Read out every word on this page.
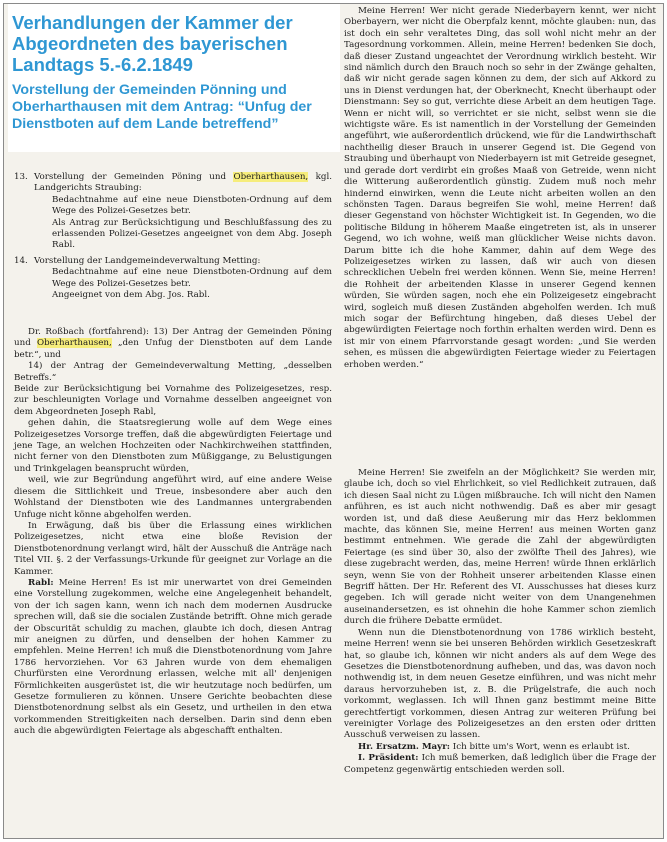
Verhandlungen der Kammer der Abgeordneten des bayerischen Landtags 5.-6.2.1849
Vorstellung der Gemeinden Pönning und Oberharthausen mit dem Antrag: “Unfug der Dienstboten auf dem Lande betreffend”
13. Vorstellung der Gemeinden Pöning und Oberharthausen, kgl. Landgerichts Straubing:

Bedachtnahme auf eine neue Dienstboten-Ordnung auf dem Wege des Polizei-Gesetzes betr.

Als Antrag zur Berücksichtigung und Beschlußfassung des zu erlassenden Polizei-Gesetzes angeeignet von dem Abg. Joseph Rabl.

14. Vorstellung der Landgemeindeverwaltung Metting:

Bedachtnahme auf eine neue Dienstboten-Ordnung auf dem Wege des Polizei-Gesetzes betr.

Angeeignet von dem Abg. Jos. Rabl.

Dr. Roßbach (fortfahrend): 13) Der Antrag der Gemeinden Pöning und Oberharthausen, „den Unfug der Dienstboten auf dem Lande betr.“, und

14) der Antrag der Gemeindeverwaltung Metting, „desselben Betreffs.“

Beide zur Berücksichtigung bei Vornahme des Polizeigesetzes, resp. zur beschleunigten Vorlage und Vornahme desselben angeeignet von dem Abgeordneten Joseph Rabl,

gehen dahin, die Staatsregierung wolle auf dem Wege eines Polizeigesetzes Vorsorge treffen, daß die abgewürdigten Feiertage und jene Tage, an welchen Hochzeiten oder Nachkirchweihen stattfinden, nicht ferner von den Dienstboten zum Müßiggange, zu Belustigungen und Trinkgelagen beansprucht würden,

weil, wie zur Begründung angeführt wird, auf eine andere Weise diesem die Sittlichkeit und Treue, insbesondere aber auch den Wohlstand der Dienstboten wie des Landmannes untergrabenden Unfuge nicht könne abgeholfen werden.

In Erwägung, daß bis über die Erlassung eines wirklichen Polizeigesetzes, nicht etwa eine bloße Revision der Dienstbotenordnung verlangt wird, hält der Ausschuß die Anträge nach Titel VII. §. 2 der Verfassungs-Urkunde für geeignet zur Vorlage an die Kammer.

Rabl: Meine Herren! Es ist mir unerwartet von drei Gemeinden eine Vorstellung zugekommen, welche eine Angelegenheit behandelt, von der ich sagen kann, wenn ich nach dem modernen Ausdrucke sprechen will, daß sie die socialen Zustände betrifft. Ohne mich gerade der Obscurität schuldig zu machen, glaubte ich doch, diesen Antrag mir aneignen zu dürfen, und denselben der hohen Kammer zu empfehlen. Meine Herren! ich muß die Dienstbotenordnung vom Jahre 1786 hervorziehen. Vor 63 Jahren wurde von dem ehemaligen Churfürsten eine Verordnung erlassen, welche mit all' denjenigen Förmlichkeiten ausgerüstet ist, die wir heutzutage noch bedürfen, um Gesetze formulieren zu können. Unsere Gerichte beobachten diese Dienstbotenordnung selbst als ein Gesetz, und urtheilen in den etwa vorkommenden Streitigkeiten nach derselben. Darin sind denn eben auch die abgewürdigten Feiertage als abgeschafft enthalten.

Meine Herren! Wer nicht gerade Niederbayern kennt, wer nicht Oberbayern, wer nicht die Oberpfalz kennt, möchte glauben: nun, das ist doch ein sehr veraltetes Ding, das soll wohl nicht mehr an der Tagesordnung vorkommen. Allein, meine Herren! bedenken Sie doch, daß dieser Zustand ungeachtet der Verordnung wirklich besteht. Wir sind nämlich durch den Brauch noch so sehr in der Zwänge gehalten, daß wir nicht gerade sagen können zu dem, der sich auf Akkord zu uns in Dienst verdungen hat, der Oberknecht, Knecht überhaupt oder Dienstmann: Sey so gut, verrichte diese Arbeit an dem heutigen Tage. Wenn er nicht will, so verrichtet er sie nicht, selbst wenn sie die wichtigste wäre. Es ist namentlich in der Vorstellung der Gemeinden angeführt, wie außerordentlich drückend, wie für die Landwirthschaft nachtheilig dieser Brauch in unserer Gegend ist. Die Gegend von Straubing und überhaupt von Niederbayern ist mit Getreide gesegnet, und gerade dort verdirbt ein großes Maaß von Getreide, wenn nicht die Witterung außerordentlich günstig. Zudem muß noch mehr hindernd einwirken, wenn die Leute nicht arbeiten wollen an den schönsten Tagen. Daraus begreifen Sie wohl, meine Herren! daß dieser Gegenstand von höchster Wichtigkeit ist. In Gegenden, wo die politische Bildung in höherem Maaße eingetreten ist, als in unserer Gegend, wo ich wohne, weiß man glücklicher Weise nichts davon. Darum bitte ich die hohe Kammer, dahin auf dem Wege des Polizeigesetzes wirken zu lassen, daß wir auch von diesen schrecklichen Uebeln frei werden können. Wenn Sie, meine Herren! die Rohheit der arbeitenden Klasse in unserer Gegend kennen würden, Sie würden sagen, noch ehe ein Polizeigesetz eingebracht wird, sogleich muß diesen Zuständen abgeholfen werden. Ich muß mich sogar der Befürchtung hingeben, daß dieses Uebel der abgewürdigten Feiertage noch forthin erhalten werden wird. Denn es ist mir von einem Pfarrvorstande gesagt worden: „und Sie werden sehen, es müssen die abgewürdigten Feiertage wieder zu Feiertagen erhoben werden.“

Meine Herren! Sie zweifeln an der Möglichkeit? Sie werden mir, glaube ich, doch so viel Ehrlichkeit, so viel Redlichkeit zutrauen, daß ich diesen Saal nicht zu Lügen mißbrauche. Ich will nicht den Namen anführen, es ist auch nicht nothwendig. Daß es aber mir gesagt worden ist, und daß diese Aeußerung mir das Herz beklommen machte, das können Sie, meine Herren! aus meinen Worten ganz bestimmt entnehmen. Wie gerade die Zahl der abgewürdigten Feiertage (es sind über 30, also der zwölfte Theil des Jahres), wie diese zugebracht werden, das, meine Herren! würde Ihnen erklärlich seyn, wenn Sie von der Rohheit unserer arbeitenden Klasse einen Begriff hätten. Der Hr. Referent des VI. Ausschusses hat dieses kurz gegeben. Ich will gerade nicht weiter von dem Unangenehmen auseinandersetzen, es ist ohnehin die hohe Kammer schon ziemlich durch die frühere Debatte ermüdet.

Wenn nun die Dienstbotenordnung von 1786 wirklich besteht, meine Herren! wenn sie bei unseren Behörden wirklich Gesetzeskraft hat, so glaube ich, können wir nicht anders als auf dem Wege des Gesetzes die Dienstbotenordnung aufheben, und das, was davon noch nothwendig ist, in dem neuen Gesetze einführen, und was nicht mehr daraus hervorzuheben ist, z. B. die Prügelstrafe, die auch noch vorkommt, weglassen. Ich will Ihnen ganz bestimmt meine Bitte gerechtfertigt vorkommen, diesen Antrag zur weiteren Prüfung bei vereinigter Vorlage des Polizeigesetzes an den ersten oder dritten Ausschuß verweisen zu lassen.

Hr. Ersatzm. Mayr: Ich bitte um's Wort, wenn es erlaubt ist.

I. Präsident: Ich muß bemerken, daß lediglich über die Frage der Competenz gegenwärtig entschieden werden soll.
